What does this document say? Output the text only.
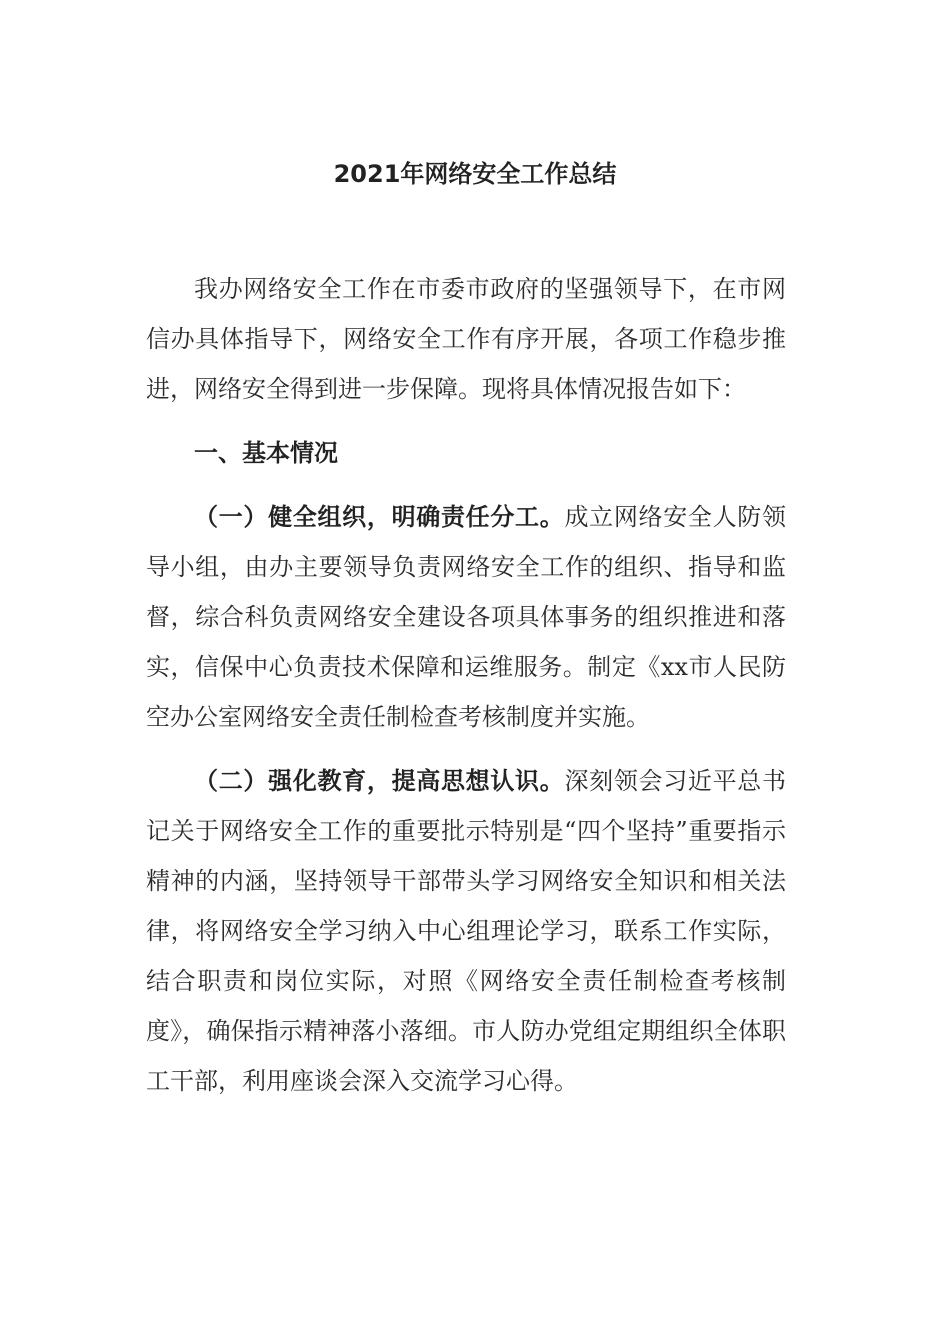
2021年网络安全工作总结

我办网络安全工作在市委市政府的坚强领导下，在市网信办具体指导下，网络安全工作有序开展，各项工作稳步推进，网络安全得到进一步保障。现将具体情况报告如下：

一、基本情况

（一）健全组织，明确责任分工。成立网络安全人防领导小组，由办主要领导负责网络安全工作的组织、指导和监督，综合科负责网络安全建设各项具体事务的组织推进和落实，信保中心负责技术保障和运维服务。制定《xx市人民防空办公室网络安全责任制检查考核制度并实施。

（二）强化教育，提高思想认识。深刻领会习近平总书记关于网络安全工作的重要批示特别是“四个坚持”重要指示精神的内涵，坚持领导干部带头学习网络安全知识和相关法律，将网络安全学习纳入中心组理论学习，联系工作实际，结合职责和岗位实际，对照《网络安全责任制检查考核制度》，确保指示精神落小落细。市人防办党组定期组织全体职工干部，利用座谈会深入交流学习心得。
